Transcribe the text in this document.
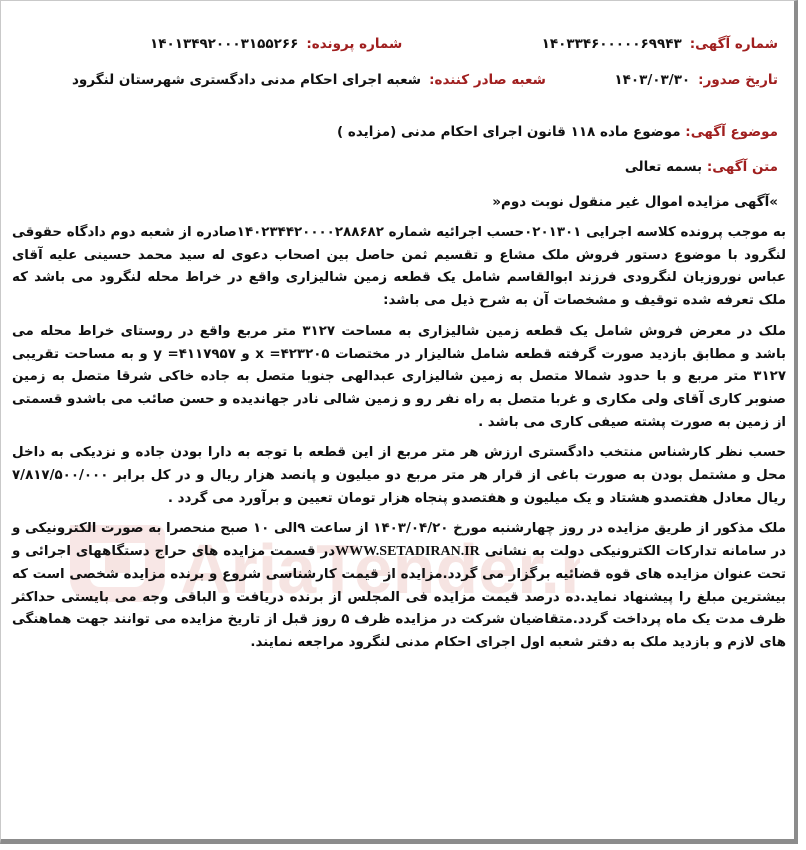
شماره آگهی:
۱۴۰۳۳۴۶۰۰۰۰۰۶۹۹۴۳
شماره پرونده:
۱۴۰۱۳۴۹۲۰۰۰۳۱۵۵۲۶۶
تاریخ صدور:
۱۴۰۳/۰۳/۳۰
شعبه صادر کننده:
شعبه اجرای احکام مدنی دادگستری شهرستان لنگرود
موضوع آگهی: موضوع ماده ۱۱۸ قانون اجرای احکام مدنی (مزایده )
متن آگهی: بسمه تعالی
»آگهی مزایده اموال غیر منقول نوبت دوم«

به موجب پرونده کلاسه اجرایی ۰۲۰۱۳۰۱حسب اجرائیه شماره ۱۴۰۲۳۴۴۲۰۰۰۰۲۸۸۶۸۲صادره از شعبه دوم دادگاه حقوقی لنگرود با موضوع دستور فروش ملک مشاع و تقسیم ثمن حاصل بین اصحاب دعوی له سید محمد حسینی علیه آقای عباس نوروزیان لنگرودی فرزند ابوالقاسم شامل یک قطعه زمین شالیزاری واقع در خراط محله لنگرود می باشد که ملک تعرفه شده توقیف و مشخصات آن به شرح ذیل می باشد:

ملک در معرض فروش شامل یک قطعه زمین شالیزاری به مساحت ۳۱۲۷ متر مربع واقع در روستای خراط محله می باشد و مطابق بازدید صورت گرفته قطعه شامل شالیزار در مختصات ۴۲۳۲۰۵= x و ۴۱۱۷۹۵۷= y و به مساحت تقریبی ۳۱۲۷ متر مربع و با حدود شمالا متصل به زمین شالیزاری عبدالهی جنوبا متصل به جاده خاکی شرقا متصل به زمین صنوبر کاری آقای ولی مکاری و غربا متصل به راه نفر رو و زمین شالی نادر جهاندیده و حسن صائب می باشدو قسمتی از زمین به صورت پشته صیفی کاری می باشد .

حسب نظر کارشناس منتخب دادگستری ارزش هر متر مربع از این قطعه با توجه به دارا بودن جاده و نزدیکی به داخل محل و مشتمل بودن به صورت باغی از قرار هر متر مربع دو میلیون و پانصد هزار ریال و در کل برابر ۷/۸۱۷/۵۰۰/۰۰۰ ریال معادل هفتصدو هشتاد و یک میلیون و هفتصدو پنجاه هزار تومان تعیین و برآورد می گردد .

ملک مذکور از طریق مزایده در روز چهارشنبه مورخ ۱۴۰۳/۰۴/۲۰ از ساعت ۹الی ۱۰ صبح منحصرا به صورت الکترونیکی و در سامانه تدارکات الکترونیکی دولت به نشانی WWW.SETADIRAN.IRدر قسمت مزایده های حراج دستگاههای اجرائی و تحت عنوان مزایده های قوه قضائیه برگزار می گردد.مزایده از قیمت کارشناسی شروع و برنده مزایده شخصی است که بیشترین مبلغ را پیشنهاد نماید.ده درصد قیمت مزایده فی المجلس از برنده دریافت و الباقی وجه می بایستی حداکثر ظرف مدت یک ماه پرداخت گردد.متقاضیان شرکت در مزایده ظرف ۵ روز قبل از تاریخ مزایده می توانند جهت هماهنگی های لازم و بازدید ملک به دفتر شعبه اول اجرای احکام مدنی لنگرود مراجعه نمایند.
